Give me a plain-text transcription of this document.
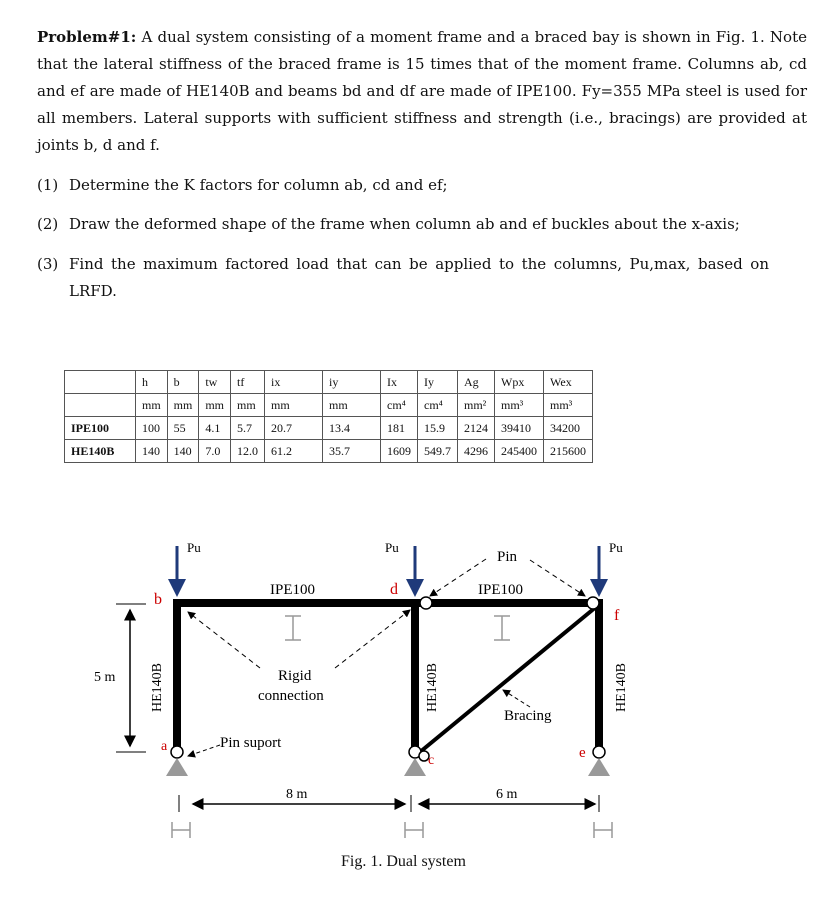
Problem#1: A dual system consisting of a moment frame and a braced bay is shown in Fig. 1. Note that the lateral stiffness of the braced frame is 15 times that of the moment frame. Columns ab, cd and ef are made of HE140B and beams bd and df are made of IPE100. Fy=355 MPa steel is used for all members. Lateral supports with sufficient stiffness and strength (i.e., bracings) are provided at joints b, d and f.

(1) Determine the K factors for column ab, cd and ef;
(2) Draw the deformed shape of the frame when column ab and ef buckles about the x-axis;
(3) Find the maximum factored load that can be applied to the columns, Pu,max, based on LRFD.
	h	b	tw	tf	ix	iy	Ix	Iy	Ag	Wpx	Wex
	mm	mm	mm	mm	mm	mm	cm⁴	cm⁴	mm²	mm³	mm³
IPE100	100	55	4.1	5.7	20.7	13.4	181	15.9	2124	39410	34200
HE140B	140	140	7.0	12.0	61.2	35.7	1609	549.7	4296	245400	215600
Pu	Pu	Pu
b
a
d
c	e
f
IPE100	IPE100
HE140B	HE140B	HE140B
5 m
8 m	6 m
Pin
Rigid
connection
Pin suport
Bracing
Fig. 1. Dual system
